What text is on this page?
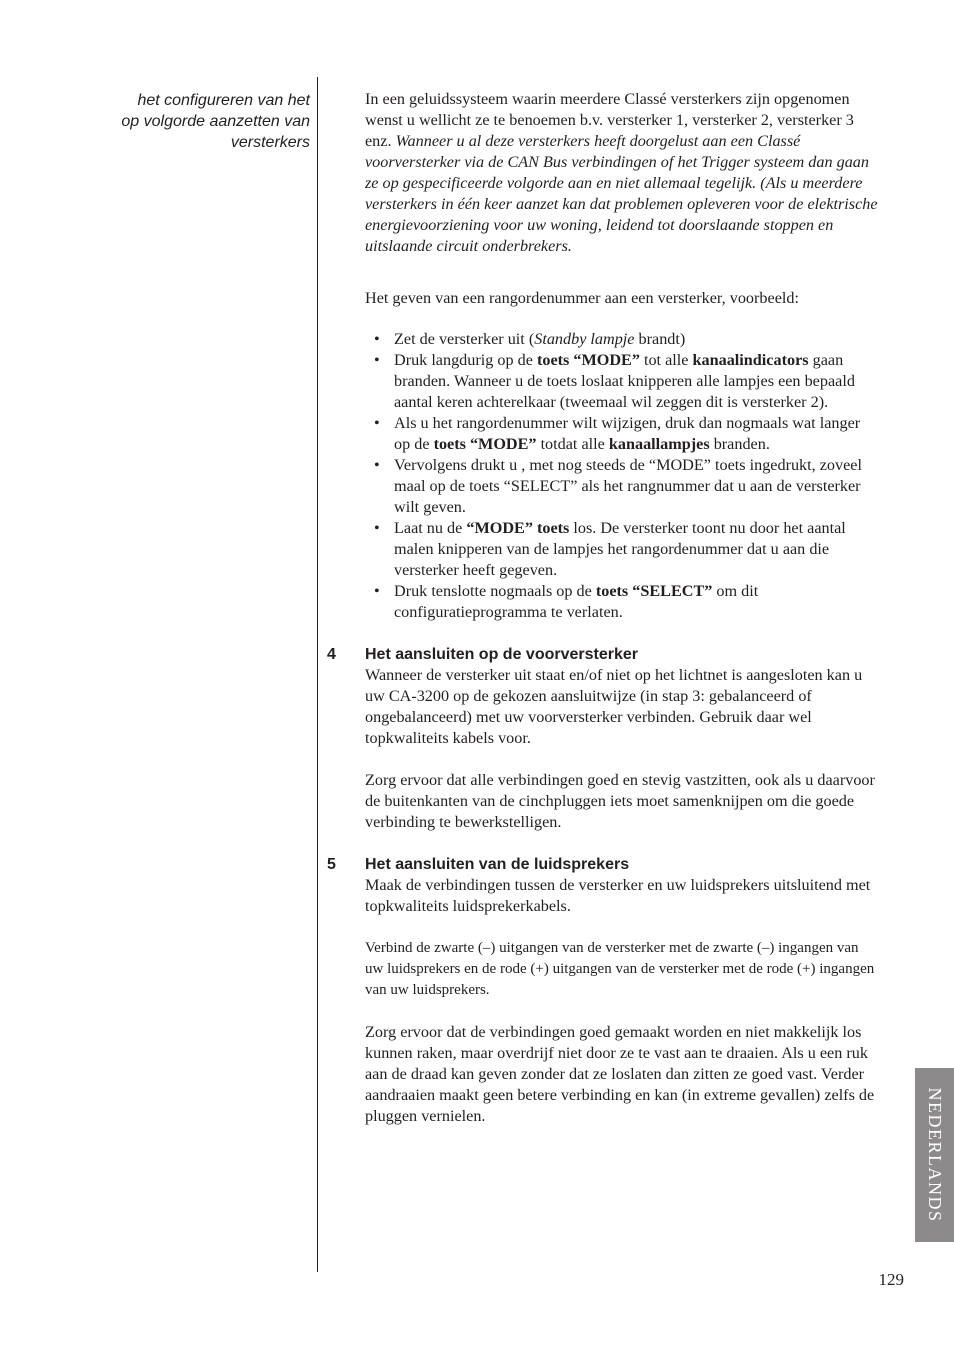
het configureren van het
op volgorde aanzetten van
versterkers

In een geluidssysteem waarin meerdere Classé versterkers zijn opgenomen wenst u wellicht ze te benoemen b.v. versterker 1, versterker 2, versterker 3 enz. Wanneer u al deze versterkers heeft doorgelust aan een Classé voorversterker via de CAN Bus verbindingen of het Trigger systeem dan gaan ze op gespecificeerde volgorde aan en niet allemaal tegelijk. (Als u meerdere versterkers in één keer aanzet kan dat problemen opleveren voor de elektrische energievoorziening voor uw woning, leidend tot doorslaande stoppen en uitslaande circuit onderbrekers.

Het geven van een rangordenummer aan een versterker, voorbeeld:

• Zet de versterker uit (Standby lampje brandt)
• Druk langdurig op de toets “MODE” tot alle kanaalindicators gaan branden. Wanneer u de toets loslaat knipperen alle lampjes een bepaald aantal keren achterelkaar (tweemaal wil zeggen dit is versterker 2).
• Als u het rangordenummer wilt wijzigen, druk dan nogmaals wat langer op de toets “MODE” totdat alle kanaallampjes branden.
• Vervolgens drukt u , met nog steeds de “MODE” toets ingedrukt, zoveel maal op de toets “SELECT” als het rangnummer dat u aan de versterker wilt geven.
• Laat nu de “MODE” toets los. De versterker toont nu door het aantal malen knipperen van de lampjes het rangordenummer dat u aan die versterker heeft gegeven.
• Druk tenslotte nogmaals op de toets “SELECT” om dit configuratieprogramma te verlaten.
4 Het aansluiten op de voorversterker

Wanneer de versterker uit staat en/of niet op het lichtnet is aangesloten kan u uw CA-3200 op de gekozen aansluitwijze (in stap 3: gebalanceerd of ongebalanceerd) met uw voorversterker verbinden. Gebruik daar wel topkwaliteits kabels voor.

Zorg ervoor dat alle verbindingen goed en stevig vastzitten, ook als u daarvoor de buitenkanten van de cinchpluggen iets moet samenknijpen om die goede verbinding te bewerkstelligen.

5 Het aansluiten van de luidsprekers

Maak de verbindingen tussen de versterker en uw luidsprekers uitsluitend met topkwaliteits luidsprekerkabels.

Verbind de zwarte (–) uitgangen van de versterker met de zwarte (–) ingangen van uw luidsprekers en de rode (+) uitgangen van de versterker met de rode (+) ingangen van uw luidsprekers.

Zorg ervoor dat de verbindingen goed gemaakt worden en niet makkelijk los kunnen raken, maar overdrijf niet door ze te vast aan te draaien. Als u een ruk aan de draad kan geven zonder dat ze loslaten dan zitten ze goed vast. Verder aandraaien maakt geen betere verbinding en kan (in extreme gevallen) zelfs de pluggen vernielen.	NEDERLANDS
129
